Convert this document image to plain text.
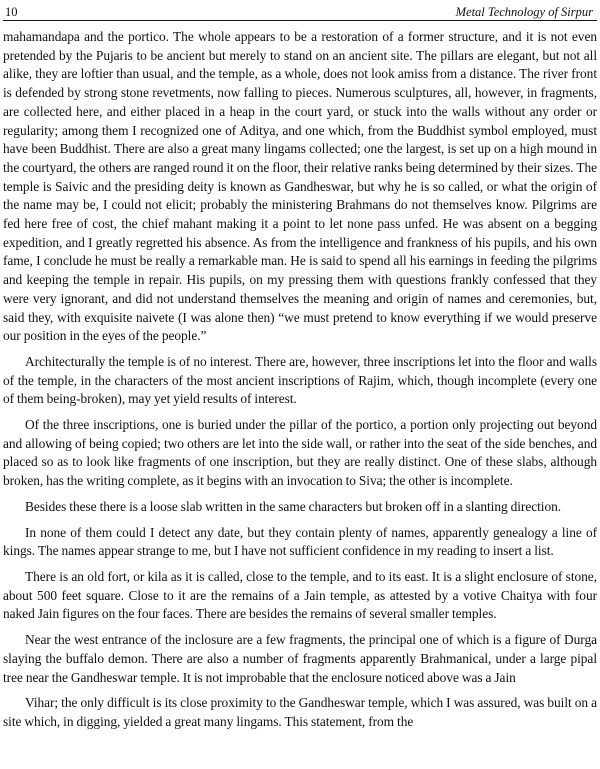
10	Metal Technology of Sirpur

mahamandapa and the portico. The whole appears to be a restoration of a former structure, and it is not even pretended by the Pujaris to be ancient but merely to stand on an ancient site. The pillars are elegant, but not all alike, they are loftier than usual, and the temple, as a whole, does not look amiss from a distance. The river front is defended by strong stone revetments, now falling to pieces. Numerous sculptures, all, however, in fragments, are collected here, and either placed in a heap in the court yard, or stuck into the walls without any order or regularity; among them I recognized one of Aditya, and one which, from the Buddhist symbol employed, must have been Buddhist. There are also a great many lingams collected; one the largest, is set up on a high mound in the courtyard, the others are ranged round it on the floor, their relative ranks being determined by their sizes. The temple is Saivic and the presiding deity is known as Gandheswar, but why he is so called, or what the origin of the name may be, I could not elicit; probably the ministering Brahmans do not themselves know. Pilgrims are fed here free of cost, the chief mahant making it a point to let none pass unfed. He was absent on a begging expedition, and I greatly regretted his absence. As from the intelligence and frankness of his pupils, and his own fame, I conclude he must be really a remarkable man. He is said to spend all his earnings in feeding the pilgrims and keeping the temple in repair. His pupils, on my pressing them with questions frankly confessed that they were very ignorant, and did not understand themselves the meaning and origin of names and ceremonies, but, said they, with exquisite naivete (I was alone then) “we must pretend to know everything if we would preserve our position in the eyes of the people.”

Architecturally the temple is of no interest. There are, however, three inscriptions let into the floor and walls of the temple, in the characters of the most ancient inscriptions of Rajim, which, though incomplete (every one of them being-broken), may yet yield results of interest.

Of the three inscriptions, one is buried under the pillar of the portico, a portion only projecting out beyond and allowing of being copied; two others are let into the side wall, or rather into the seat of the side benches, and placed so as to look like fragments of one inscription, but they are really distinct. One of these slabs, although broken, has the writing complete, as it begins with an invocation to Siva; the other is incomplete.

Besides these there is a loose slab written in the same characters but broken off in a slanting direction.

In none of them could I detect any date, but they contain plenty of names, apparently genealogy a line of kings. The names appear strange to me, but I have not sufficient confidence in my reading to insert a list.

There is an old fort, or kila as it is called, close to the temple, and to its east. It is a slight enclosure of stone, about 500 feet square. Close to it are the remains of a Jain temple, as attested by a votive Chaitya with four naked Jain figures on the four faces. There are besides the remains of several smaller temples.

Near the west entrance of the inclosure are a few fragments, the principal one of which is a figure of Durga slaying the buffalo demon. There are also a number of fragments apparently Brahmanical, under a large pipal tree near the Gandheswar temple. It is not improbable that the enclosure noticed above was a Jain

Vihar; the only difficult is its close proximity to the Gandheswar temple, which I was assured, was built on a site which, in digging, yielded a great many lingams. This statement, from the
